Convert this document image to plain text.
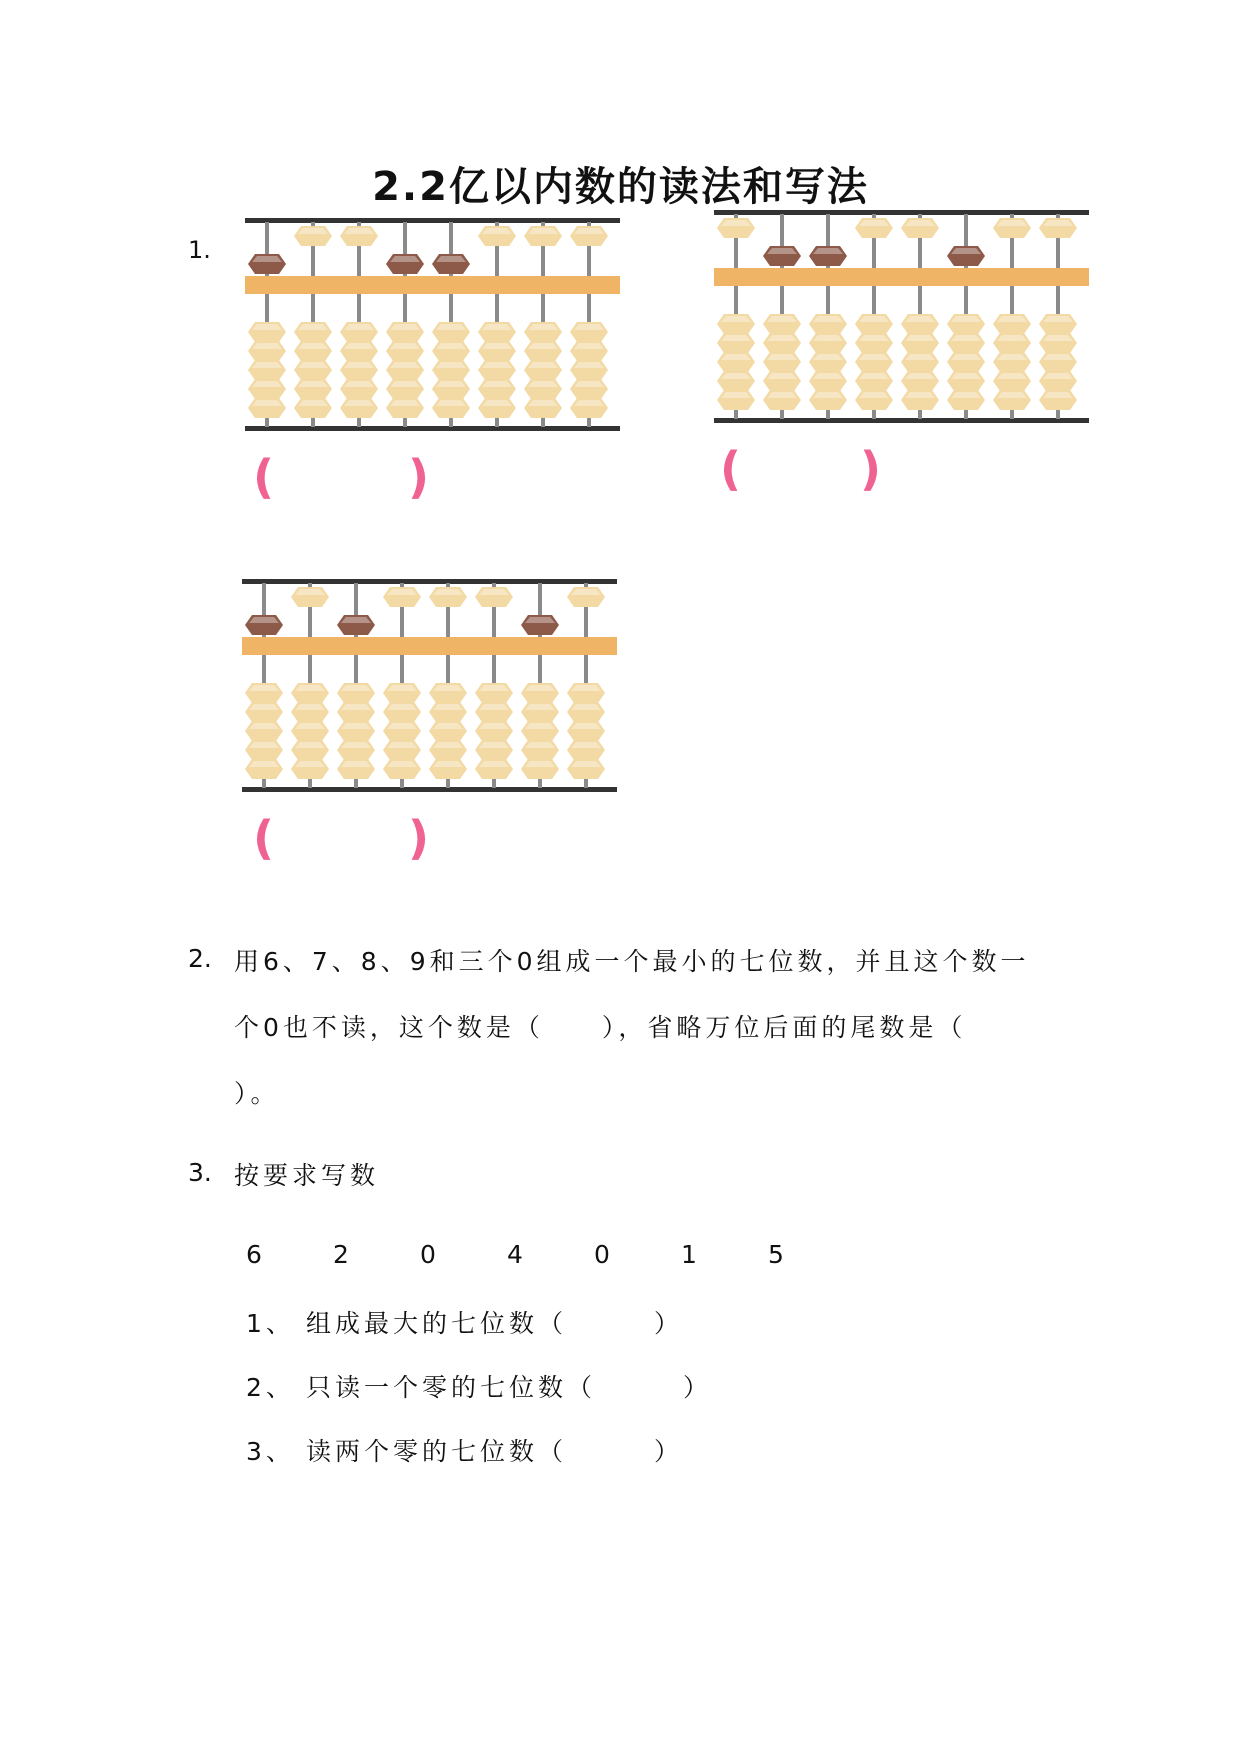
2.2亿以内数的读法和写法
1.
(	)	(	)
(	)
2. 用6、7、8、9和三个0组成一个最小的七位数，并且这个数一
个0也不读，这个数是（　　），省略万位后面的尾数是（
）。
3. 按要求写数
6	2	0	4	0	1	5
1、 组成最大的七位数（　　　）
2、 只读一个零的七位数（　　　）
3、 读两个零的七位数（　　　）
